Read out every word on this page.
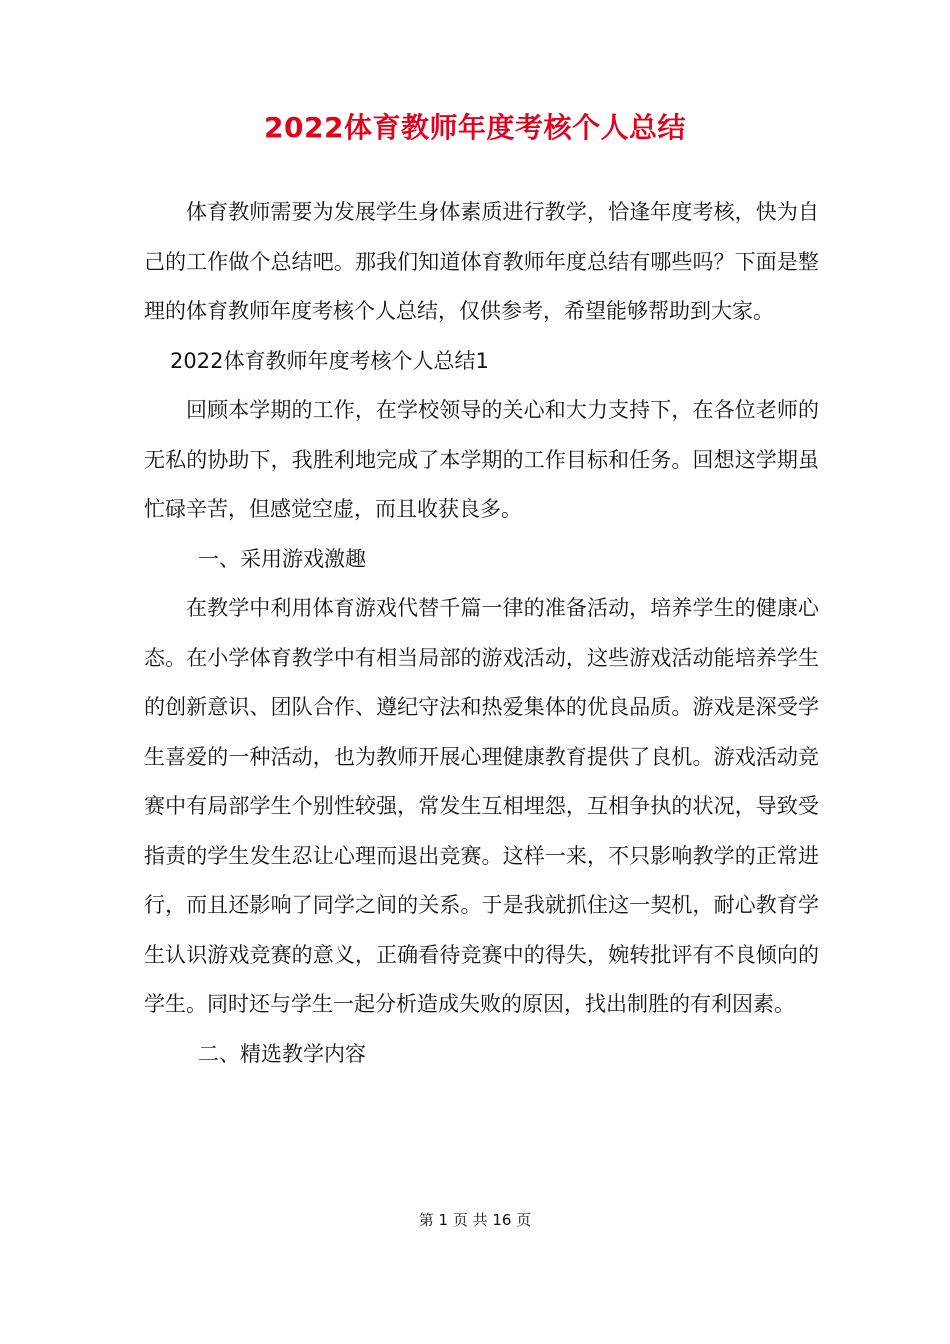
2022体育教师年度考核个人总结

体育教师需要为发展学生身体素质进行教学，恰逢年度考核，快为自己的工作做个总结吧。那我们知道体育教师年度总结有哪些吗？下面是整理的体育教师年度考核个人总结，仅供参考，希望能够帮助到大家。

2022体育教师年度考核个人总结1

回顾本学期的工作，在学校领导的关心和大力支持下，在各位老师的无私的协助下，我胜利地完成了本学期的工作目标和任务。回想这学期虽忙碌辛苦，但感觉空虚，而且收获良多。

一、采用游戏激趣

在教学中利用体育游戏代替千篇一律的准备活动，培养学生的健康心态。在小学体育教学中有相当局部的游戏活动，这些游戏活动能培养学生的创新意识、团队合作、遵纪守法和热爱集体的优良品质。游戏是深受学生喜爱的一种活动，也为教师开展心理健康教育提供了良机。游戏活动竞赛中有局部学生个别性较强，常发生互相埋怨，互相争执的状况，导致受指责的学生发生忍让心理而退出竞赛。这样一来，不只影响教学的正常进行，而且还影响了同学之间的关系。于是我就抓住这一契机，耐心教育学生认识游戏竞赛的意义，正确看待竞赛中的得失，婉转批评有不良倾向的学生。同时还与学生一起分析造成失败的原因，找出制胜的有利因素。

二、精选教学内容

第 1 页 共 16 页
